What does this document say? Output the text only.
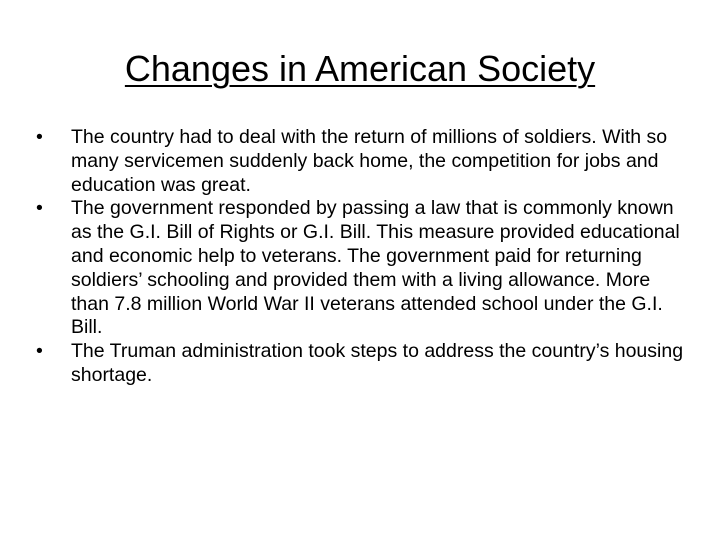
Changes in American Society
•	The country had to deal with the return of millions of soldiers. With so many servicemen suddenly back home, the competition for jobs and education was great.
•	The government responded by passing a law that is commonly known as the G.I. Bill of Rights or G.I. Bill. This measure provided educational and economic help to veterans. The government paid for returning soldiers’ schooling and provided them with a living allowance. More than 7.8 million World War II veterans attended school under the G.I. Bill.
•	The Truman administration took steps to address the country’s housing shortage.
